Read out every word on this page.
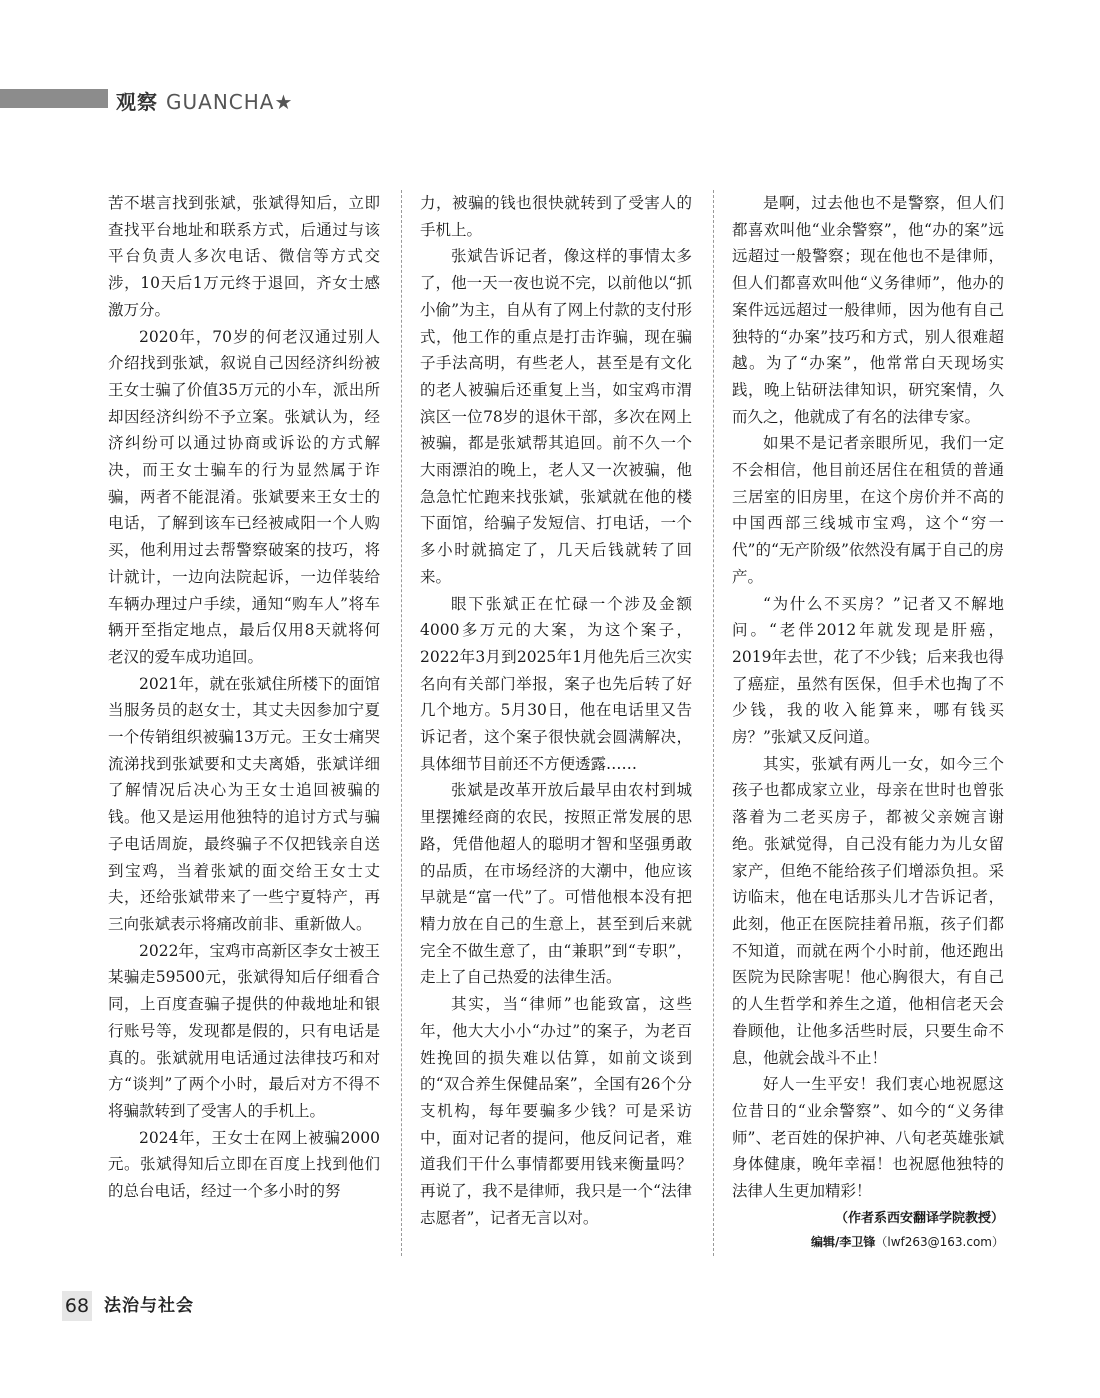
观察 GUANCHA★

苦不堪言找到张斌，张斌得知后，立即查找平台地址和联系方式，后通过与该平台负责人多次电话、微信等方式交涉，10天后1万元终于退回，齐女士感激万分。

2020年，70岁的何老汉通过别人介绍找到张斌，叙说自己因经济纠纷被王女士骗了价值35万元的小车，派出所却因经济纠纷不予立案。张斌认为，经济纠纷可以通过协商或诉讼的方式解决，而王女士骗车的行为显然属于诈骗，两者不能混淆。张斌要来王女士的电话，了解到该车已经被咸阳一个人购买，他利用过去帮警察破案的技巧，将计就计，一边向法院起诉，一边佯装给车辆办理过户手续，通知“购车人”将车辆开至指定地点，最后仅用8天就将何老汉的爱车成功追回。

2021年，就在张斌住所楼下的面馆当服务员的赵女士，其丈夫因参加宁夏一个传销组织被骗13万元。王女士痛哭流涕找到张斌要和丈夫离婚，张斌详细了解情况后决心为王女士追回被骗的钱。他又是运用他独特的追讨方式与骗子电话周旋，最终骗子不仅把钱亲自送到宝鸡，当着张斌的面交给王女士丈夫，还给张斌带来了一些宁夏特产，再三向张斌表示将痛改前非、重新做人。

2022年，宝鸡市高新区李女士被王某骗走59500元，张斌得知后仔细看合同，上百度查骗子提供的仲裁地址和银行账号等，发现都是假的，只有电话是真的。张斌就用电话通过法律技巧和对方“谈判”了两个小时，最后对方不得不将骗款转到了受害人的手机上。

2024年，王女士在网上被骗2000元。张斌得知后立即在百度上找到他们的总台电话，经过一个多小时的努

力，被骗的钱也很快就转到了受害人的手机上。

张斌告诉记者，像这样的事情太多了，他一天一夜也说不完，以前他以“抓小偷”为主，自从有了网上付款的支付形式，他工作的重点是打击诈骗，现在骗子手法高明，有些老人，甚至是有文化的老人被骗后还重复上当，如宝鸡市渭滨区一位78岁的退休干部，多次在网上被骗，都是张斌帮其追回。前不久一个大雨漂泊的晚上，老人又一次被骗，他急急忙忙跑来找张斌，张斌就在他的楼下面馆，给骗子发短信、打电话，一个多小时就搞定了，几天后钱就转了回来。

眼下张斌正在忙碌一个涉及金额4000多万元的大案，为这个案子，2022年3月到2025年1月他先后三次实名向有关部门举报，案子也先后转了好几个地方。5月30日，他在电话里又告诉记者，这个案子很快就会圆满解决，具体细节目前还不方便透露……

张斌是改革开放后最早由农村到城里摆摊经商的农民，按照正常发展的思路，凭借他超人的聪明才智和坚强勇敢的品质，在市场经济的大潮中，他应该早就是“富一代”了。可惜他根本没有把精力放在自己的生意上，甚至到后来就完全不做生意了，由“兼职”到“专职”，走上了自己热爱的法律生活。

其实，当“律师”也能致富，这些年，他大大小小“办过”的案子，为老百姓挽回的损失难以估算，如前文谈到的“双合养生保健品案”，全国有26个分支机构，每年要骗多少钱？可是采访中，面对记者的提问，他反问记者，难道我们干什么事情都要用钱来衡量吗？再说了，我不是律师，我只是一个“法律志愿者”，记者无言以对。

是啊，过去他也不是警察，但人们都喜欢叫他“业余警察”，他“办的案”远远超过一般警察；现在他也不是律师，但人们都喜欢叫他“义务律师”，他办的案件远远超过一般律师，因为他有自己独特的“办案”技巧和方式，别人很难超越。为了“办案”，他常常白天现场实践，晚上钻研法律知识，研究案情，久而久之，他就成了有名的法律专家。

如果不是记者亲眼所见，我们一定不会相信，他目前还居住在租赁的普通三居室的旧房里，在这个房价并不高的中国西部三线城市宝鸡，这个“穷一代”的“无产阶级”依然没有属于自己的房产。

“为什么不买房？”记者又不解地问。“老伴2012年就发现是肝癌，2019年去世，花了不少钱；后来我也得了癌症，虽然有医保，但手术也掏了不少钱，我的收入能算来，哪有钱买房？”张斌又反问道。

其实，张斌有两儿一女，如今三个孩子也都成家立业，母亲在世时也曾张落着为二老买房子，都被父亲婉言谢绝。张斌觉得，自己没有能力为儿女留家产，但绝不能给孩子们增添负担。采访临末，他在电话那头儿才告诉记者，此刻，他正在医院挂着吊瓶，孩子们都不知道，而就在两个小时前，他还跑出医院为民除害呢！他心胸很大，有自己的人生哲学和养生之道，他相信老天会眷顾他，让他多活些时辰，只要生命不息，他就会战斗不止！

好人一生平安！我们衷心地祝愿这位昔日的“业余警察”、如今的“义务律师”、老百姓的保护神、八旬老英雄张斌身体健康，晚年幸福！也祝愿他独特的法律人生更加精彩！

（作者系西安翻译学院教授）
编辑/李卫锋（lwf263@163.com）
68 法治与社会
